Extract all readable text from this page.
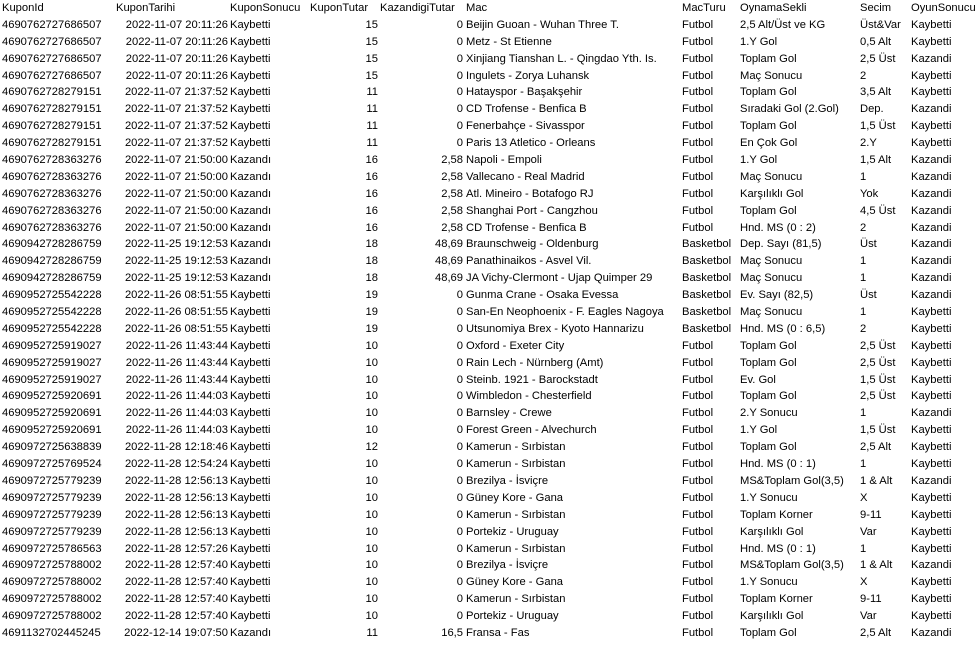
KuponId	KuponTarihi	KuponSonucu KuponTutar	KazandigiTutar Mac	MacTuru	OynamaSekli	Secim	OyunSonucu
4690762727686507	2022-11-07 20:11:26 Kaybetti	15	0 Beijin Guoan - Wuhan Three T.	Futbol	2,5 Alt/Üst ve KG	Üst&Var Kaybetti
4690762727686507	2022-11-07 20:11:26 Kaybetti	15	0 Metz - St Etienne	Futbol	1.Y Gol	0,5 Alt	Kaybetti
4690762727686507	2022-11-07 20:11:26 Kaybetti	15	0 Xinjiang Tianshan L. - Qingdao Yth. Is.	Futbol	Toplam Gol	2,5 Üst	Kazandi
4690762727686507	2022-11-07 20:11:26 Kaybetti	15	0 Ingulets - Zorya Luhansk	Futbol	Maç Sonucu	2	Kaybetti
4690762728279151	2022-11-07 21:37:52 Kaybetti	11	0 Hatayspor - Başakşehir	Futbol	Toplam Gol	3,5 Alt	Kaybetti
4690762728279151	2022-11-07 21:37:52 Kaybetti	11	0 CD Trofense - Benfica B	Futbol	Sıradaki Gol (2.Gol)	Dep.	Kazandi
4690762728279151	2022-11-07 21:37:52 Kaybetti	11	0 Fenerbahçe - Sivasspor	Futbol	Toplam Gol	1,5 Üst	Kaybetti
4690762728279151	2022-11-07 21:37:52 Kaybetti	11	0 Paris 13 Atletico - Orleans	Futbol	En Çok Gol	2.Y	Kaybetti
4690762728363276	2022-11-07 21:50:00 Kazandı	16	2,58 Napoli - Empoli	Futbol	1.Y Gol	1,5 Alt	Kazandi
4690762728363276	2022-11-07 21:50:00 Kazandı	16	2,58 Vallecano - Real Madrid	Futbol	Maç Sonucu	1	Kazandi
4690762728363276	2022-11-07 21:50:00 Kazandı	16	2,58 Atl. Mineiro - Botafogo RJ	Futbol	Karşılıklı Gol	Yok	Kazandi
4690762728363276	2022-11-07 21:50:00 Kazandı	16	2,58 Shanghai Port - Cangzhou	Futbol	Toplam Gol	4,5 Üst	Kazandi
4690762728363276	2022-11-07 21:50:00 Kazandı	16	2,58 CD Trofense - Benfica B	Futbol	Hnd. MS (0 : 2)	2	Kazandi
4690942728286759	2022-11-25 19:12:53 Kazandı	18	48,69 Braunschweig - Oldenburg	Basketbol Dep. Sayı (81,5)	Üst	Kazandi
4690942728286759	2022-11-25 19:12:53 Kazandı	18	48,69 Panathinaikos - Asvel Vil.	Basketbol Maç Sonucu	1	Kazandi
4690942728286759	2022-11-25 19:12:53 Kazandı	18	48,69 JA Vichy-Clermont - Ujap Quimper 29	Basketbol Maç Sonucu	1	Kazandi
4690952725542228	2022-11-26 08:51:55 Kaybetti	19	0 Gunma Crane - Osaka Evessa	Basketbol Ev. Sayı (82,5)	Üst	Kazandi
4690952725542228	2022-11-26 08:51:55 Kaybetti	19	0 San-En Neophoenix - F. Eagles Nagoya	Basketbol Maç Sonucu	1	Kaybetti
4690952725542228	2022-11-26 08:51:55 Kaybetti	19	0 Utsunomiya Brex - Kyoto Hannarizu	Basketbol Hnd. MS (0 : 6,5)	2	Kaybetti
4690952725919027	2022-11-26 11:43:44 Kaybetti	10	0 Oxford - Exeter City	Futbol	Toplam Gol	2,5 Üst	Kaybetti
4690952725919027	2022-11-26 11:43:44 Kaybetti	10	0 Rain Lech - Nürnberg (Amt)	Futbol	Toplam Gol	2,5 Üst	Kaybetti
4690952725919027	2022-11-26 11:43:44 Kaybetti	10	0 Steinb. 1921 - Barockstadt	Futbol	Ev. Gol	1,5 Üst	Kaybetti
4690952725920691	2022-11-26 11:44:03 Kaybetti	10	0 Wimbledon - Chesterfield	Futbol	Toplam Gol	2,5 Üst	Kaybetti
4690952725920691	2022-11-26 11:44:03 Kaybetti	10	0 Barnsley - Crewe	Futbol	2.Y Sonucu	1	Kazandi
4690952725920691	2022-11-26 11:44:03 Kaybetti	10	0 Forest Green - Alvechurch	Futbol	1.Y Gol	1,5 Üst	Kaybetti
4690972725638839	2022-11-28 12:18:46 Kaybetti	12	0 Kamerun - Sırbistan	Futbol	Toplam Gol	2,5 Alt	Kaybetti
4690972725769524	2022-11-28 12:54:24 Kaybetti	10	0 Kamerun - Sırbistan	Futbol	Hnd. MS (0 : 1)	1	Kaybetti
4690972725779239	2022-11-28 12:56:13 Kaybetti	10	0 Brezilya - İsviçre	Futbol	MS&Toplam Gol(3,5)	1 & Alt	Kazandi
4690972725779239	2022-11-28 12:56:13 Kaybetti	10	0 Güney Kore - Gana	Futbol	1.Y Sonucu	X	Kaybetti
4690972725779239	2022-11-28 12:56:13 Kaybetti	10	0 Kamerun - Sırbistan	Futbol	Toplam Korner	9-11	Kaybetti
4690972725779239	2022-11-28 12:56:13 Kaybetti	10	0 Portekiz - Uruguay	Futbol	Karşılıklı Gol	Var	Kaybetti
4690972725786563	2022-11-28 12:57:26 Kaybetti	10	0 Kamerun - Sırbistan	Futbol	Hnd. MS (0 : 1)	1	Kaybetti
4690972725788002	2022-11-28 12:57:40 Kaybetti	10	0 Brezilya - İsviçre	Futbol	MS&Toplam Gol(3,5)	1 & Alt	Kazandi
4690972725788002	2022-11-28 12:57:40 Kaybetti	10	0 Güney Kore - Gana	Futbol	1.Y Sonucu	X	Kaybetti
4690972725788002	2022-11-28 12:57:40 Kaybetti	10	0 Kamerun - Sırbistan	Futbol	Toplam Korner	9-11	Kaybetti
4690972725788002	2022-11-28 12:57:40 Kaybetti	10	0 Portekiz - Uruguay	Futbol	Karşılıklı Gol	Var	Kaybetti
4691132702445245	2022-12-14 19:07:50 Kazandı	11	16,5 Fransa - Fas	Futbol	Toplam Gol	2,5 Alt	Kazandi
